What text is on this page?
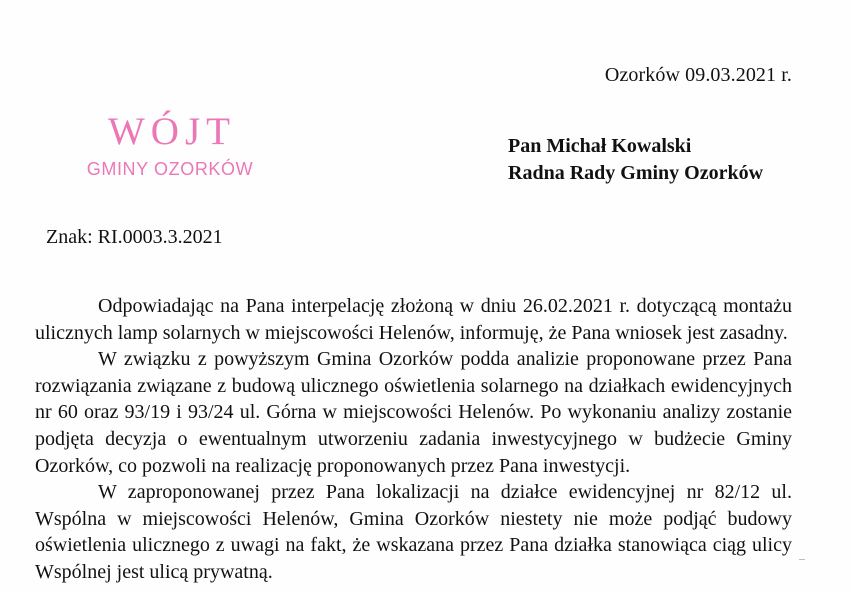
Ozorków 09.03.2021 r.
WÓJT
GMINY OZORKÓW
Pan Michał Kowalski
Radna Rady Gminy Ozorków
Znak: RI.0003.3.2021

Odpowiadając na Pana interpelację złożoną w dniu 26.02.2021 r. dotyczącą montażu ulicznych lamp solarnych w miejscowości Helenów, informuję, że Pana wniosek jest zasadny.

W związku z powyższym Gmina Ozorków podda analizie proponowane przez Pana rozwiązania związane z budową ulicznego oświetlenia solarnego na działkach ewidencyjnych nr 60 oraz 93/19 i 93/24 ul. Górna w miejscowości Helenów. Po wykonaniu analizy zostanie podjęta decyzja o ewentualnym utworzeniu zadania inwestycyjnego w budżecie Gminy Ozorków, co pozwoli na realizację proponowanych przez Pana inwestycji.

W zaproponowanej przez Pana lokalizacji na działce ewidencyjnej nr 82/12 ul. Wspólna w miejscowości Helenów, Gmina Ozorków niestety nie może podjąć budowy oświetlenia ulicznego z uwagi na fakt, że wskazana przez Pana działka stanowiąca ciąg ulicy Wspólnej jest ulicą prywatną.
